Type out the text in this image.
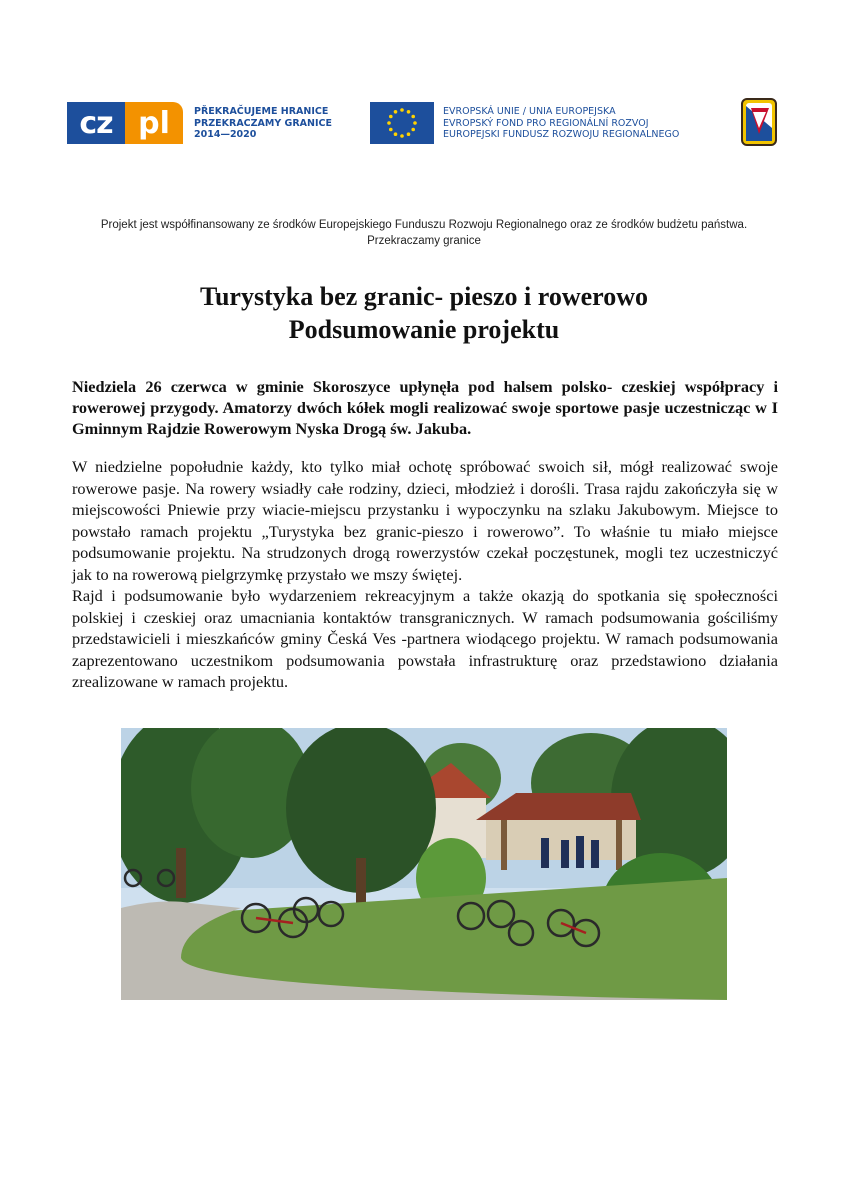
cz pl	PŘEKRAČUJEME HRANICE
PRZEKRACZAMY GRANICE
2014—2020
EVROPSKÁ UNIE / UNIA EUROPEJSKA
EVROPSKÝ FOND PRO REGIONÁLNÍ ROZVOJ
EUROPEJSKI FUNDUSZ ROZWOJU REGIONALNEGO
Projekt jest współfinansowany ze środków Europejskiego Funduszu Rozwoju Regionalnego oraz ze środków budżetu państwa.
Przekraczamy granice
Turystyka bez granic- pieszo i rowerowo
Podsumowanie projektu

Niedziela 26 czerwca w gminie Skoroszyce upłynęła pod halsem polsko- czeskiej współpracy i rowerowej przygody. Amatorzy dwóch kółek mogli realizować swoje sportowe pasje uczestnicząc w I Gminnym Rajdzie Rowerowym Nyska Drogą św. Jakuba.

W niedzielne popołudnie każdy, kto tylko miał ochotę spróbować swoich sił, mógł realizować swoje rowerowe pasje. Na rowery wsiadły całe rodziny, dzieci, młodzież i dorośli. Trasa rajdu zakończyła się w miejscowości Pniewie przy wiacie-miejscu przystanku i wypoczynku na szlaku Jakubowym. Miejsce to powstało ramach projektu „Turystyka bez granic-pieszo i rowerowo”. To właśnie tu miało miejsce podsumowanie projektu. Na strudzonych drogą rowerzystów czekał poczęstunek, mogli tez uczestniczyć jak to na rowerową pielgrzymkę przystało we mszy świętej.

Rajd i podsumowanie było wydarzeniem rekreacyjnym a także okazją do spotkania się społeczności polskiej i czeskiej oraz umacniania kontaktów transgranicznych. W ramach podsumowania gościliśmy przedstawicieli i mieszkańców gminy Česká Ves -partnera wiodącego projektu. W ramach podsumowania zaprezentowano uczestnikom podsumowania powstała infrastrukturę oraz przedstawiono działania zrealizowane w ramach projektu.
